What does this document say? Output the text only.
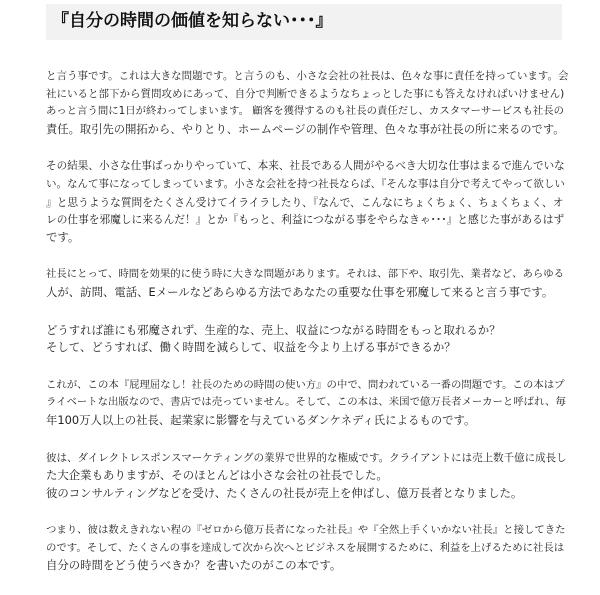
『自分の時間の価値を知らない･･･』

と言う事です。これは大きな問題です。と言うのも、小さな会社の社長は、色々な事に責任を持っています。会
社にいると部下から質問攻めにあって、自分で判断できるようなちょっとした事にも答えなければいけません)
あっと言う間に1日が終わってしまいます。 顧客を獲得するのも社長の責任だし、カスタマーサービスも社長の
責任。取引先の開拓から、やりとり、ホームページの制作や管理、色々な事が社長の所に来るのです。

その結果、小さな仕事ばっかりやっていて、本来、社長である人間がやるべき大切な仕事はまるで進んでいな
い。なんて事になってしまっています。小さな会社を持つ社長ならば、『そんな事は自分で考えてやって欲しい
』と思うような質問をたくさん受けてイライラしたり、『なんで、こんなにちょくちょく、ちょくちょく、オ
レの仕事を邪魔しに来るんだ！』とか『もっと、利益につながる事をやらなきゃ･･･』と感じた事があるはず
です。

社長にとって、時間を効果的に使う時に大きな問題があります。それは、部下や、取引先、業者など、あらゆる
人が、訪問、電話、Eメールなどあらゆる方法であなたの重要な仕事を邪魔して来ると言う事です。

どうすれば誰にも邪魔されず、生産的な、売上、収益につながる時間をもっと取れるか？
そして、どうすれば、働く時間を減らして、収益を今より上げる事ができるか？

これが、この本『屁理屈なし！社長のための時間の使い方』の中で、問われている一番の問題です。この本はプ
ライベートな出版なので、書店では売っていません。そして、この本は、米国で億万長者メーカーと呼ばれ、毎
年100万人以上の社長、起業家に影響を与えているダンケネディ氏によるものです。

彼は、ダイレクトレスポンスマーケティングの業界で世界的な権威です。クライアントには売上数千億に成長し
た大企業もありますが、そのほとんどは小さな会社の社長でした。
彼のコンサルティングなどを受け、たくさんの社長が売上を伸ばし、億万長者となりました。

つまり、彼は数えきれない程の『ゼロから億万長者になった社長』や『全然上手くいかない社長』と接してきた
のです。そして、たくさんの事を達成して次から次へとビジネスを展開するために、利益を上げるために社長は
自分の時間をどう使うべきか？を書いたのがこの本です。
